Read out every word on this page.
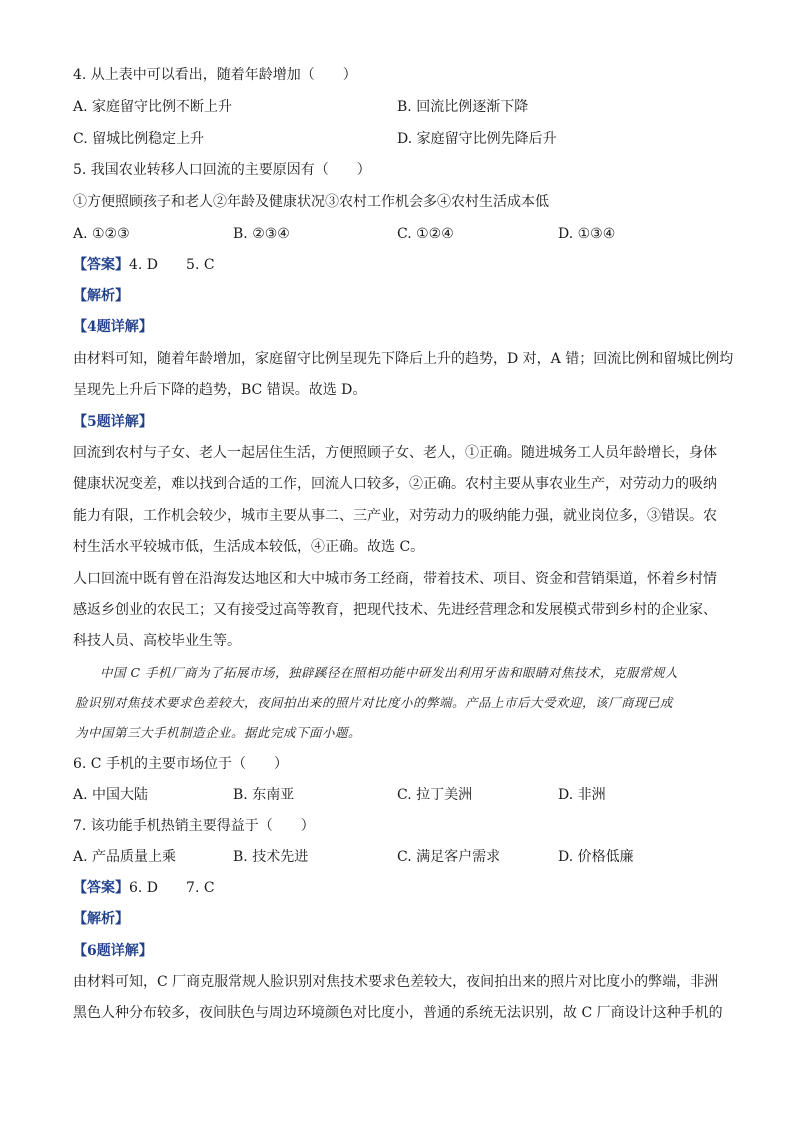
4. 从上表中可以看出，随着年龄增加（　　）
A. 家庭留守比例不断上升	B. 回流比例逐渐下降
C. 留城比例稳定上升	D. 家庭留守比例先降后升
5. 我国农业转移人口回流的主要原因有（　　）
①方便照顾孩子和老人②年龄及健康状况③农村工作机会多④农村生活成本低
A. ①②③	B. ②③④	C. ①②④	D. ①③④
【答案】4. D　　5. C
【解析】
【4题详解】
由材料可知，随着年龄增加，家庭留守比例呈现先下降后上升的趋势，D 对，A 错；回流比例和留城比例均
呈现先上升后下降的趋势，BC 错误。故选 D。
【5题详解】
回流到农村与子女、老人一起居住生活，方便照顾子女、老人，①正确。随进城务工人员年龄增长，身体
健康状况变差，难以找到合适的工作，回流人口较多，②正确。农村主要从事农业生产，对劳动力的吸纳
能力有限，工作机会较少，城市主要从事二、三产业，对劳动力的吸纳能力强，就业岗位多，③错误。农
村生活水平较城市低，生活成本较低，④正确。故选 C。
人口回流中既有曾在沿海发达地区和大中城市务工经商，带着技术、项目、资金和营销渠道，怀着乡村情
感返乡创业的农民工；又有接受过高等教育，把现代技术、先进经营理念和发展模式带到乡村的企业家、
科技人员、高校毕业生等。
中国 C 手机厂商为了拓展市场，独辟蹊径在照相功能中研发出利用牙齿和眼睛对焦技术，克服常规人
脸识别对焦技术要求色差较大，夜间拍出来的照片对比度小的弊端。产品上市后大受欢迎，该厂商现已成
为中国第三大手机制造企业。据此完成下面小题。
6. C 手机的主要市场位于（　　）
A. 中国大陆	B. 东南亚	C. 拉丁美洲	D. 非洲
7. 该功能手机热销主要得益于（　　）
A. 产品质量上乘	B. 技术先进	C. 满足客户需求	D. 价格低廉
【答案】6. D　　7. C
【解析】
【6题详解】
由材料可知，C 厂商克服常规人脸识别对焦技术要求色差较大，夜间拍出来的照片对比度小的弊端，非洲
黑色人种分布较多，夜间肤色与周边环境颜色对比度小，普通的系统无法识别，故 C 厂商设计这种手机的
